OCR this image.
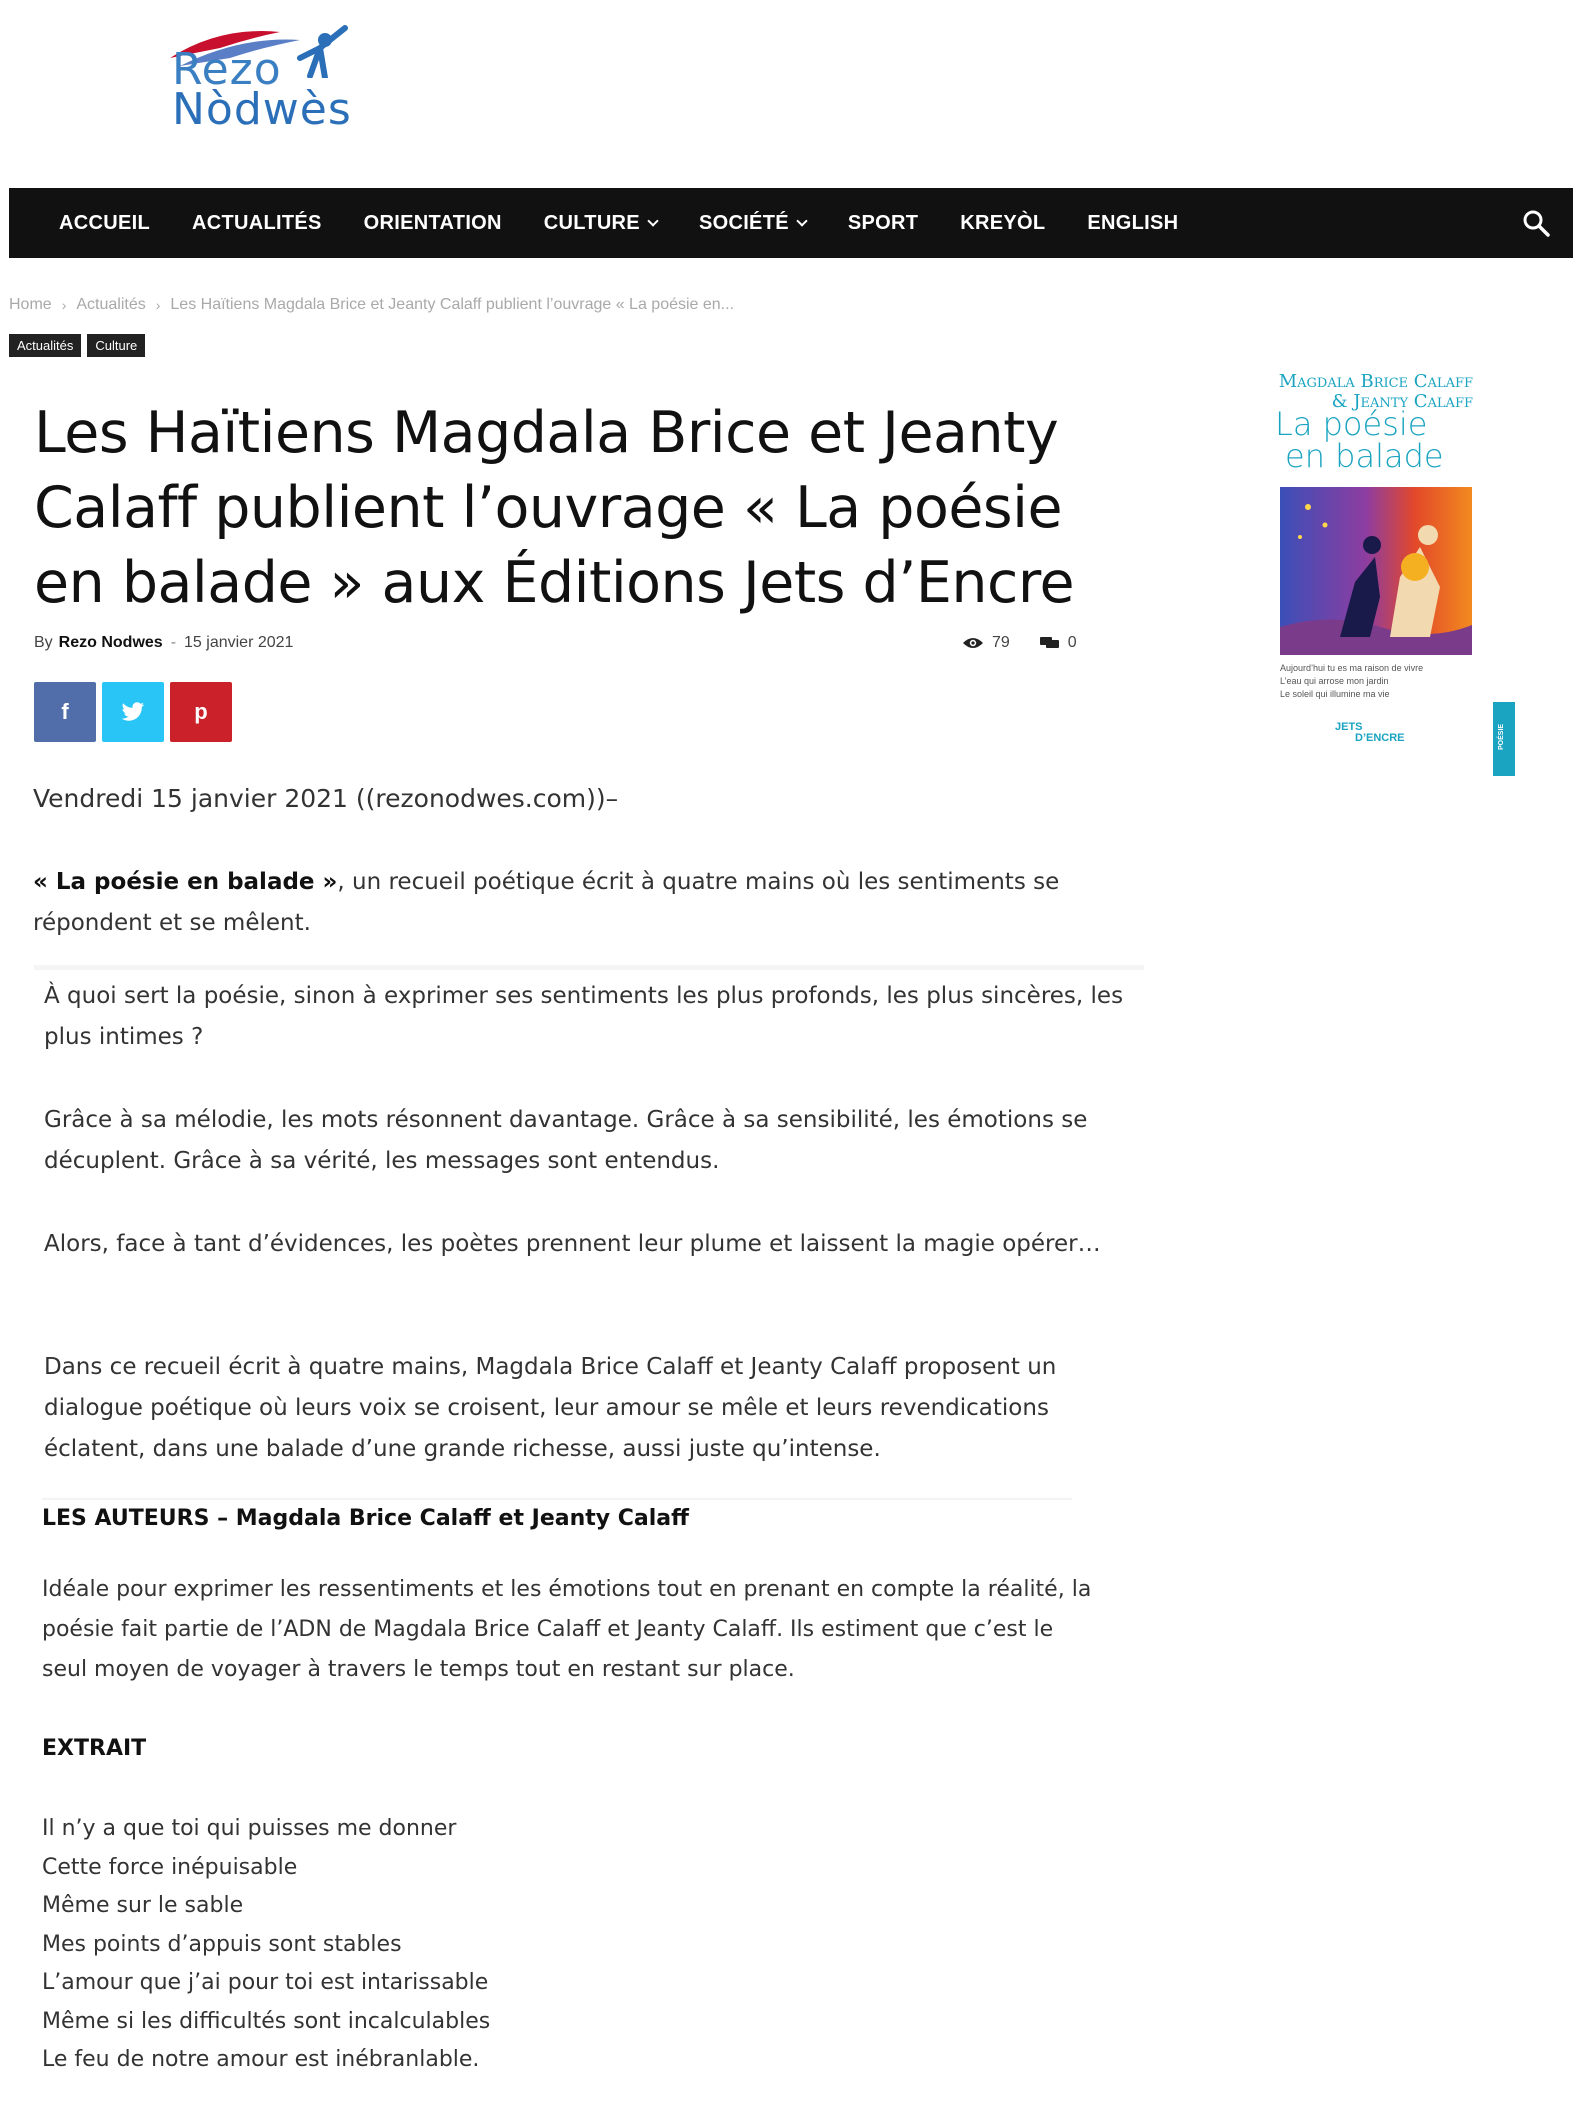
Rezo
Nòdwès
ACCUEIL ACTUALITÉS ORIENTATION CULTURE	SOCIÉTÉ	SPORT KREYÒL ENGLISH
Home › Actualités › Les Haïtiens Magdala Brice et Jeanty Calaff publient l’ouvrage « La poésie en...
Actualités	Culture
Les Haïtiens Magdala Brice et Jeanty Calaff publient l’ouvrage « La poésie en balade » aux Éditions Jets d’Encre
By Rezo Nodwes - 15 janvier 2021	79	0
f	p
Vendredi 15 janvier 2021 ((rezonodwes.com))–
« La poésie en balade », un recueil poétique écrit à quatre mains où les sentiments se répondent et se mêlent.
À quoi sert la poésie, sinon à exprimer ses sentiments les plus profonds, les plus sincères, les plus intimes ?
Grâce à sa mélodie, les mots résonnent davantage. Grâce à sa sensibilité, les émotions se décuplent. Grâce à sa vérité, les messages sont entendus.
Alors, face à tant d’évidences, les poètes prennent leur plume et laissent la magie opérer…
Dans ce recueil écrit à quatre mains, Magdala Brice Calaff et Jeanty Calaff proposent un dialogue poétique où leurs voix se croisent, leur amour se mêle et leurs revendications éclatent, dans une balade d’une grande richesse, aussi juste qu’intense.
LES AUTEURS – Magdala Brice Calaff et Jeanty Calaff
Idéale pour exprimer les ressentiments et les émotions tout en prenant en compte la réalité, la poésie fait partie de l’ADN de Magdala Brice Calaff et Jeanty Calaff. Ils estiment que c’est le seul moyen de voyager à travers le temps tout en restant sur place.
EXTRAIT
Il n’y a que toi qui puisses me donner
Cette force inépuisable
Même sur le sable
Mes points d’appuis sont stables
L’amour que j’ai pour toi est intarissable
Même si les difficultés sont incalculables
Le feu de notre amour est inébranlable.
Magdala Brice Calaff
& Jeanty Calaff
La poésie
en balade
Aujourd’hui tu es ma raison de vivre
L’eau qui arrose mon jardin
Le soleil qui illumine ma vie
JETS
D’ENCRE	POÉSIE
